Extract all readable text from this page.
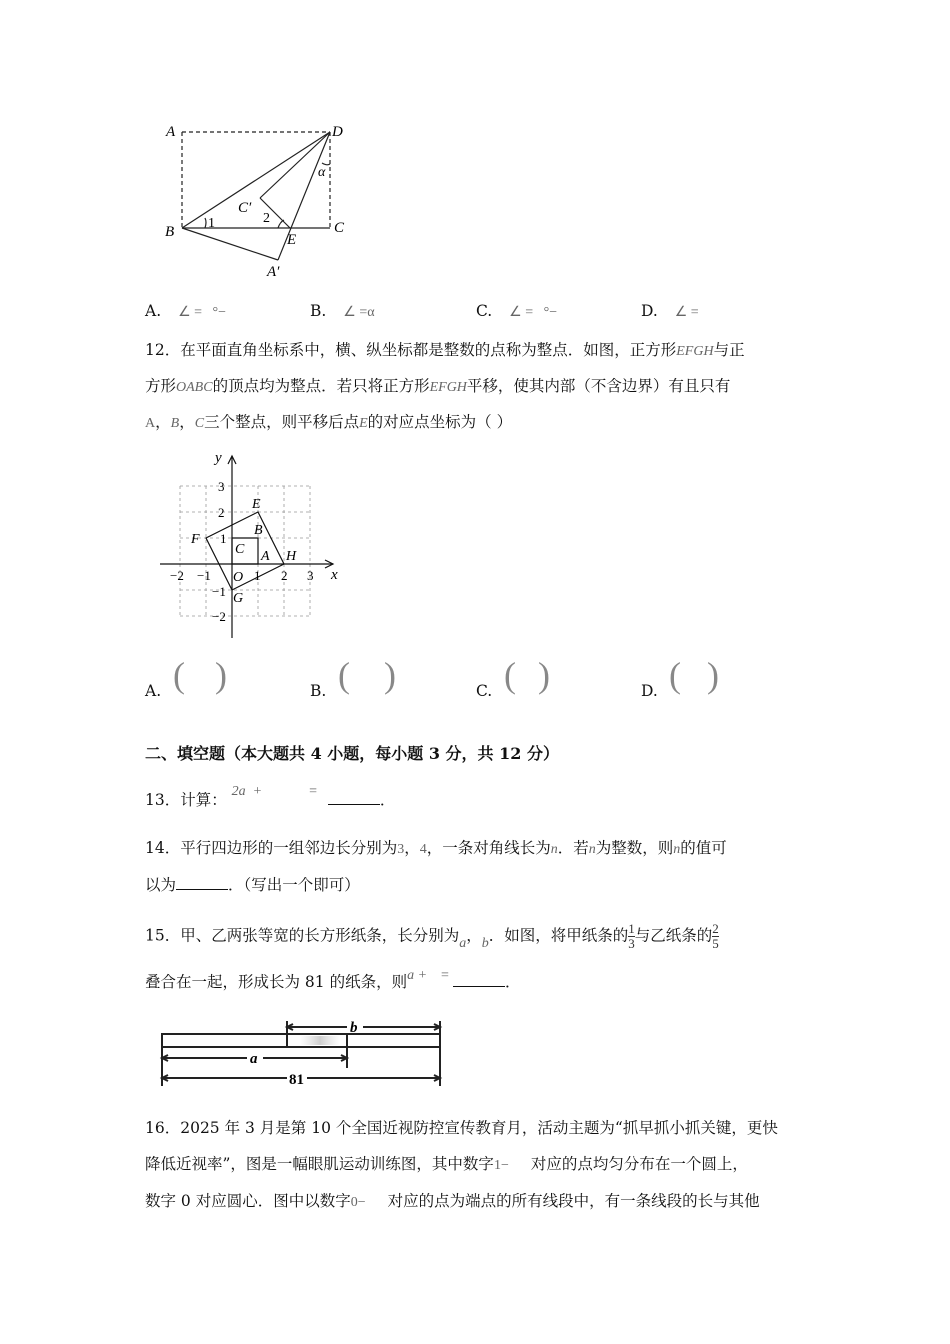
A	D
C
B	E
C′
A′
1	2
α
A. ∠ =   °−	B. ∠ =α	C. ∠ =   °−	D. ∠ =
12．在平面直角坐标系中，横、纵坐标都是整数的点称为整点．如图，正方形EFGH与正
方形OABC的顶点均为整点．若只将正方形EFGH平移，使其内部（不含边界）有且只有
A，B，C三个整点，则平移后点E的对应点坐标为（ ）
y
x
O
−2 −1	1 2 3
3
2
1
−1
−2
E
F
G
H
A
B
C
A. ( )	B. ( )	C. ( )	D. ( )
二、填空题（本大题共 4 小题，每小题 3 分，共 12 分）
13．计算： 2a  +	=	．
14．平行四边形的一组邻边长分别为3，4，一条对角线长为n．若n为整数，则n的值可
以为	．（写出一个即可）
15．甲、乙两张等宽的长方形纸条，长分别为a，b．如图，将甲纸条的 $\frac{1}{3}$ 与乙纸条的 $\frac{2}{5}$
叠合在一起，形成长为 81 的纸条，则a + =	．
b
a
81
16．2025 年 3 月是第 10 个全国近视防控宣传教育月，活动主题为“抓早抓小抓关键，更快
降低近视率”，图是一幅眼肌运动训练图，其中数字1− 对应的点均匀分布在一个圆上，
数字 0 对应圆心．图中以数字0− 对应的点为端点的所有线段中，有一条线段的长与其他
